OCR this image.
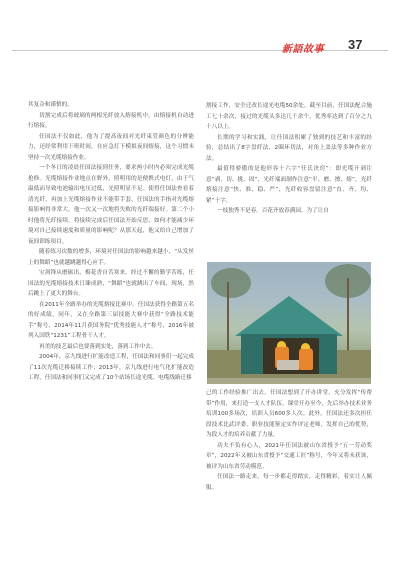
新語故事 37

其复杂和谨慎的。

切割完成后将玻璃的两根光纤放入熔接机中，由熔接机自动进行熔接。

任国法不仅如此，他为了提高夜间对光纤束管颜色的分辨能力，还经常利用下班时间，在应急灯下模拟夜间熔接，这个习惯未坚持一次光缆熔接作业。

一个冬日的凌晨任国法接到任务，要求两小时内必须完成光缆抢修。光缆熔接作业地点在野外，照明用的是便携式电灯，由于气温低而导致电池输出电压过低，光照明显不足。使得任国法查看着清光纤，再加上光缆熔接作业不能带手套，任国法的手指对光缆熔接影响得非常大。他一次又一次地将失败的光纤端接好。第二个小时他将光纤接续，将接续完成后任国法开始反思，如何才能减少环境对自己接续速度和质量的影响呢？从那天起，他又给自己增加了夜间训练项目。

随着练习次数的增多，环境对任国法的影响越来越小，“从发丝上的舞蹈”也就越跳越得心应手。

宝剑锋从磨砺出，梅花香自苦寒来。经过不懈的勤学苦练，任国法的光缆熔接技术日臻成熟，“舞蹈”也就跳出了车间、现场，然后跳上了更大的舞台。

在2011年全路举办的光缆熔接比赛中，任国法获得全路第五名的好成绩，同年，又在全路第三届技能大赛中获得“全路技术能手”称号，2014年11月获国务院“优秀技能人才”称号，2016年被列入国铁“1231”工程骨干人才。

再美的技艺最后也要落到实处，落到工作中去。

2004年，京九线进行扩能改造工程，任国法和同事们一起完成了11次光缆迁移接续工作；2013年，京九线进行电气化扩能改造工程，任国法和同事们又完成了10个站场长途光缆、电缆线路迁移

割接工作，安全迁改长途光电缆50余处，截至目前，任国法配合施工七十余次，接过的光缆头多达几千余个，优秀率达到了百分之九十八以上。

长期的学习和实践，让任国法积累了独到的技艺和丰富的经验，总结出了8字盘纤法、2圈环切法，对角上盖法等多种作业方法。

最值得骄傲的是他形容十六字“任氏诀窍”：即光缆开剥注意“剥、切、挑、固”，光纤端面制作注意“平、磨、擦、熔”，光纤熔接注意“快、准、稳、严”，光纤收容盘留注意“直、齐、均、紧”十字。

一枝独秀不是春，百花齐放春满园。为了让自

己的工作经验推广出去，任国法想到了开办讲堂，充分发挥“传帮带”作用，来打造一支人才队伍。课堂开办至今，先后举办技术业务培训100多场次，培训人员600多人次。此外，任国法还多次担任段技术比武评委、职业技能鉴定实作评定老师，发挥自己的优势，为段人才的培养贡献了力量。

功夫不负有心人，2021年任国法被山东省授予“五一劳动奖章”，2022年又被山东省授予“交通工匠”称号，今年又将未获该，被评为山东省劳动模范。

任国法一路走来，每一步都走得踏实，走得精彩，着实让人佩服。
